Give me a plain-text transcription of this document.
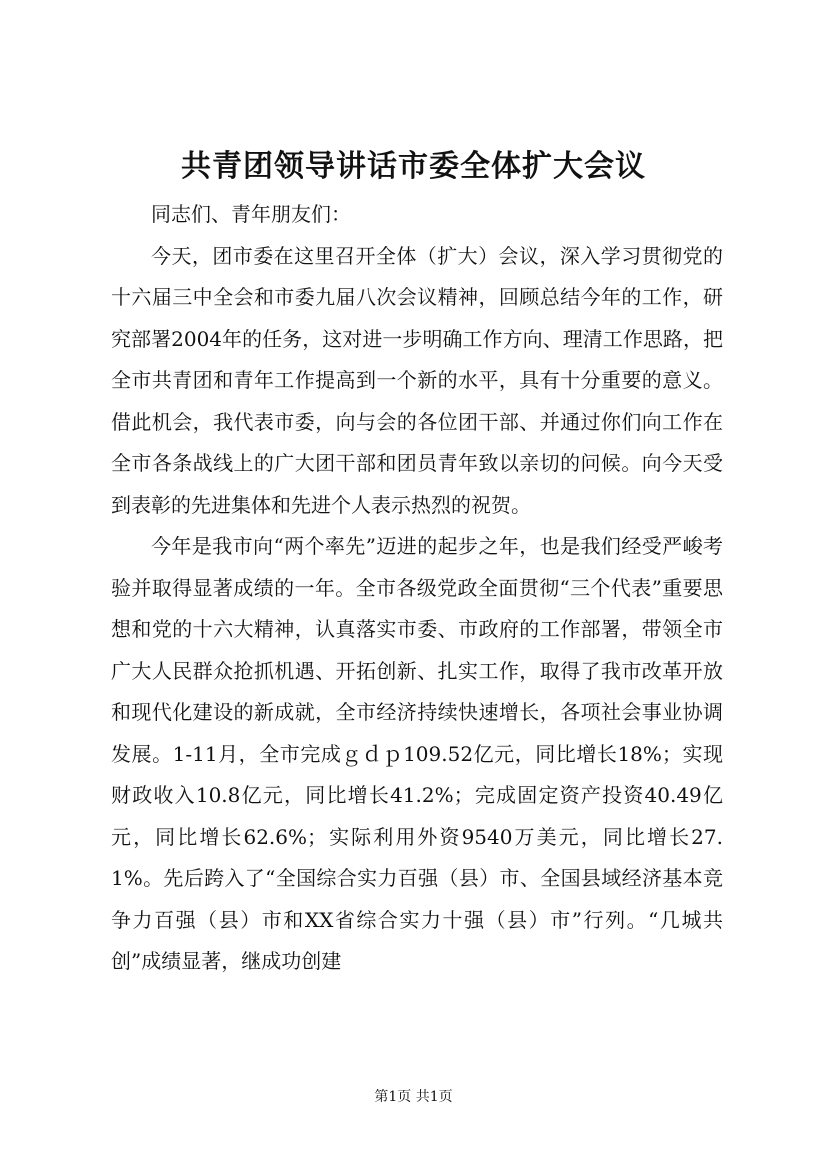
共青团领导讲话市委全体扩大会议

同志们、青年朋友们：

今天，团市委在这里召开全体（扩大）会议，深入学习贯彻党的十六届三中全会和市委九届八次会议精神，回顾总结今年的工作，研究部署2004年的任务，这对进一步明确工作方向、理清工作思路，把全市共青团和青年工作提高到一个新的水平，具有十分重要的意义。借此机会，我代表市委，向与会的各位团干部、并通过你们向工作在全市各条战线上的广大团干部和团员青年致以亲切的问候。向今天受到表彰的先进集体和先进个人表示热烈的祝贺。

今年是我市向“两个率先”迈进的起步之年，也是我们经受严峻考验并取得显著成绩的一年。全市各级党政全面贯彻“三个代表”重要思想和党的十六大精神，认真落实市委、市政府的工作部署，带领全市广大人民群众抢抓机遇、开拓创新、扎实工作，取得了我市改革开放和现代化建设的新成就，全市经济持续快速增长，各项社会事业协调发展。1-11月，全市完成ｇｄｐ109.52亿元，同比增长18%；实现财政收入10.8亿元，同比增长41.2%；完成固定资产投资40.49亿元，同比增长62.6%；实际利用外资9540万美元，同比增长27.1%。先后跨入了“全国综合实力百强（县）市、全国县域经济基本竞争力百强（县）市和XX省综合实力十强（县）市”行列。“几城共创”成绩显著，继成功创建

第1页 共1页
